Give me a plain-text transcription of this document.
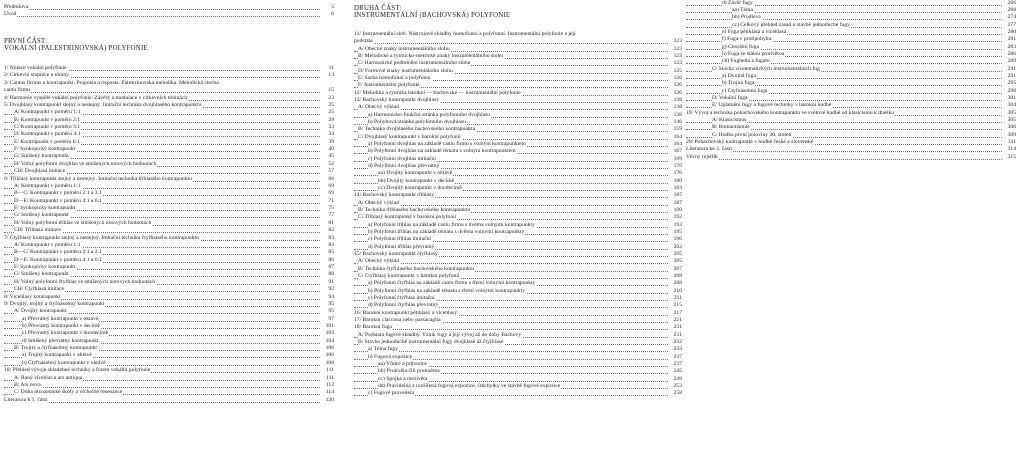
PRVNÍ ČÁST:
VOKÁLNÍ (PALESTRINOVSKÁ) POLYFONIE
Předmluva	5
Úvod	6
1/ Notace vokální polyfonie	11
2/ Církevní stupnice a tóniny	13
3/ Cantus firmus a kontrapunkt. Proposta a risposta. Palestrinovská melodika. Melodická stavba
cantu firmu	15
4/ Harmonie vyspělé vokální polyfonie. Závěry a modulace v církevních tóninách	23
5/ Dvojhlasý kontrapunkt stejný a nestejný. Imitační technika dvojhlasého kontrapunktu	25
A/ Kontrapunkt v poměru 1:1	25
B/ Kontrapunkt v poměru 2:1	28
C/ Kontrapunkt v poměru 3:1	33
D/ Kontrapunkt v poměru 4:1	34
E/ Kontrapunkt v poměru 6:1	39
F/ Synkopický kontrapunkt	40
G/ Smíšený kontrapunkt	45
H/ Volný polyfonní dvojhlas ve smíšených notových hodnotách	52
CH/ Dvojhlasá imitace	57
6/ Tříhlasý kontrapunkt stejný a nestejný. Imitační technika tříhlasého kontrapunktu	66
A/ Kontrapunkt v poměru 1:1	69
B—C/ Kontrapunkt v poměru 2:1 a 3:1	69
D—E/ Kontrapunkt v poměru 4:1 a 6:1	71
F/ Synkopický kontrapunkt	75
G/ Smíšený kontrapunkt	77
H/ Volný polyfonní tříhlas ve smíšených notových hodnotách	81
CH/ Tříhlasá imitace	82
7/ Čtyřhlasý kontrapunkt stejný a nestejný. Imitační technika čtyřhlasého kontrapunktu	83
A/ Kontrapunkt v poměru 1:1	83
B—C/ Kontrapunkt v poměru 2:1 a 3:1	85
D—E/ Kontrapunkt v poměru 4:1 a 6:1	86
F/ Synkopický kontrapunkt	87
G/ Smíšený kontrapunkt	88
H/ Volný polyfonní čtyřhlas ve smíšených notových hodnotách	91
CH/ Čtyřhlasá imitace	92
8/ Vícehlasý kontrapunkt	94
9/ Dvojitý, trojitý a čtyřnásobný kontrapunkt	95
A/ Dvojitý kontrapunkt	95
a) Převratný kontrapunkt v oktávě	97
b) Převratný kontrapunkt v decimě	101
c) Převratný kontrapunkt v duodecimě	103
d) Smíšený převratný kontrapunkt	104
B/ Trojitý a čtyřnásobný kontrapunkt	106
a) Trojitý kontrapunkt v oktávě	106
b) Čtyřnásobný kontrapunkt v oktávě	108
10/ Přehled vývoje skladebné techniky a forem vokální polyfonie	111
A/ Raný vícehlas a ars antiqua	111
B/ Ars nova	112
C/ Doba nizozemské školy a vrcholné renesance	114
Literatura k 1. části	120
DRUHÁ ČÁST:
INSTRUMENTÁLNÍ (BACHOVSKÁ) POLYFONIE
11/ Instrumentální sloh. Nástrojové skladby homofonní a polyfonní. Instrumentální polyfonie a její
podstata	123
A/ Obecné znaky instrumentálního slohu	123
B/ Melodické a rytmicko-metrické znaky instrumentálního slohu	123
C/ Harmonické podmínění instrumentálního slohu	123
D/ Formové znaky instrumentálního slohu	125
E/ Sazba homofonní a polyfonní	126
F/ Instrumentální polyfonie	126
12/ Melodika a rytmika barokní — bachovské — instrumentální polyfonie	126
13/ Bachovský kontrapunkt dvojhlasý	138
A/ Obecný výklad	138
a) Harmonicko-funkční stránka polyfonního dvojhlasu	138
b) Pohybová stránka polyfonního dvojhlasu	146
B/ Technika dvojhlasého bachovského kontrapunktu	159
C/ Dvojhlasý kontrapunkt v barokní polyfonii	164
a) Polyfonní dvojhlas na základě cantu firmu s volným kontrapunktem	164
b) Polyfonní dvojhlas na základě tématu s volným kontrapunktem	167
c) Polyfonní dvojhlas imitační	169
d) Polyfonní dvojhlas převratný	176
aa) Dvojitý kontrapunkt v oktávě	176
bb) Dvojitý kontrapunkt v decimě	180
cc) Dvojitý kontrapunkt v duodecimě	183
14/ Bachovský kontrapunkt tříhlasý	187
A/ Obecný výklad	187
B/ Technika tříhlasého bachovského kontrapunktu	190
C/ Tříhlasý kontrapunkt v barokní polyfonii	192
a) Polyfonní tříhlas na základě cantu firmu s dvěma volnými kontrapunkty	193
b) Polyfonní tříhlas na základě tématu s dvěma volnými kontrapunkty	195
c) Polyfonní tříhlas imitační	196
d) Polyfonní tříhlas převratný	202
15/ Bachovský kontrapunkt čtyřhlasý	205
A/ Obecný výklad	205
B/ Technika čtyřhlasého bachovského kontrapunktu	207
C/ Čtyřhlasý kontrapunkt v barokní polyfonii	208
a) Polyfonní čtyřhlas na základě cantu firmu s třemi volnými kontrapunkty	208
b) Polyfonní čtyřhlas na základě tématu s třemi volnými kontrapunkty	210
c) Polyfonní čtyřhlas imitační	211
d) Polyfonní čtyřhlas převratný	215
16/ Barokní kontrapunkt pětihlasý a vícehlasý	217
17/ Barokní ciaccona nebo passacaglia	221
18/ Barokní fuga	231
A/ Podstata fugové skladby. Vznik fugy a její vývoj až do doby Bachovy	231
B/ Stavba jednoduché instrumentální fugy dvojhlasé až čtyřhlasé	232
a) Téma fugy	233
b) Fugová expozice	237
aa) Vůdce a průvodce	237
bb) Protivěta čili protiněma	245
cc) Spojka a mezivěta	249
dd) Pravidelná a rozšířená fugová expozice. Odchylky ve stavbě fugové expozice	253
c) Fugové provedení	258
d) Závěr fugy	266
aa) Téma	268
bb) Prodleva	274
cc) Celkový přehled zásad o stavbě jednoduché fugy	277
e) Fuga pětihlasá a vícehlasá	280
f) Fuga v protipohybu	281
g) Chorální fuga	283
h) Fuga se stálou protivětou	286
ch) Fughetta a fugato	289
C/ Stavba vícetematických instrumentálních fug	291
a) Dvojitá fuga	291
b) Trojitá fuga	295
c) Čtyřnásobná fuga	298
D/ Vokální fuga	301
E/ Uplatnění fugy a fugové techniky v barokní hudbě	304
19/ Vývoj a technika pobachovského kontrapunktu ve světové hudbě od klasicismu k dnešku	305
A/ Klasicismus	305
B/ Romantismus	306
C/ Hudba první poloviny 20. století	309
20/ Pobachovský kontrapunkt v hudbě české a slovenské	311
Literatura ke 2. části	314
Věcný rejstřík	315
